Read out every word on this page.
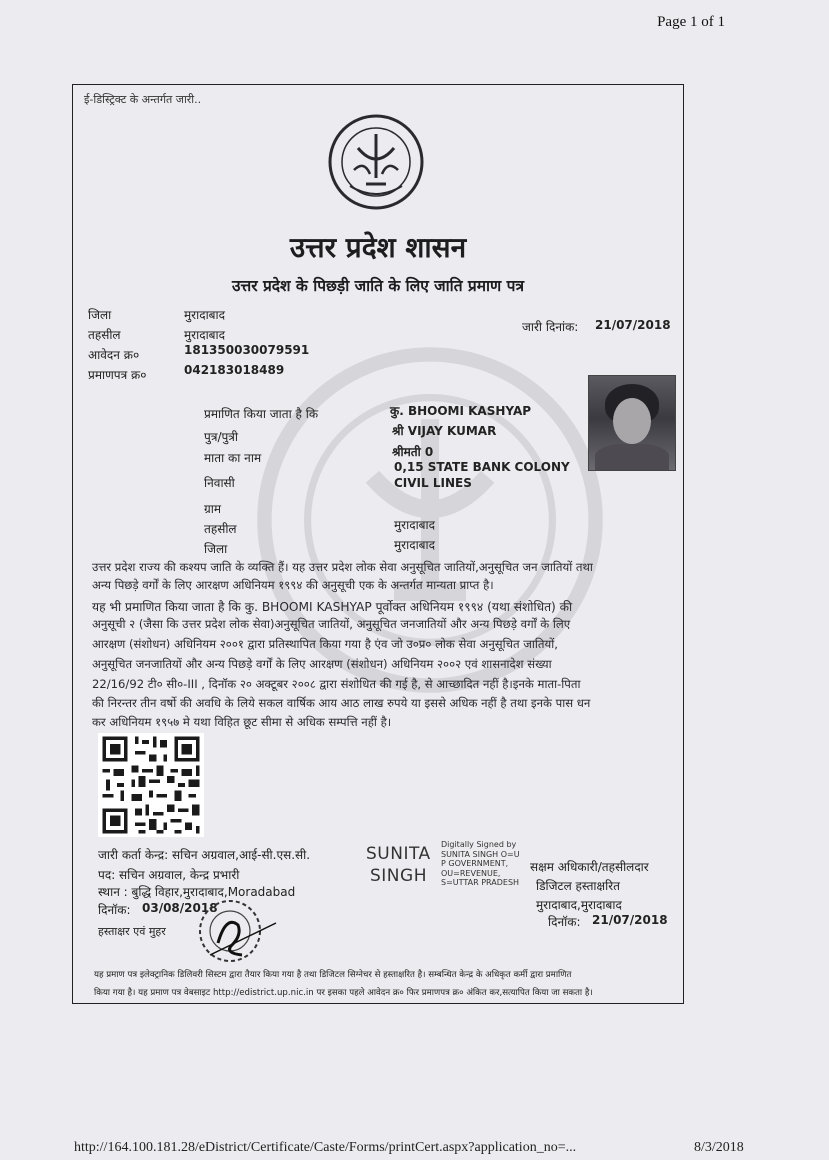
Page 1 of 1
ई-डिस्ट्रिक्ट के अन्तर्गत जारी..
उत्तर प्रदेश शासन
उत्तर प्रदेश के पिछड़ी जाति के लिए जाति प्रमाण पत्र
जिला	मुरादाबाद
तहसील	मुरादाबाद
आवेदन क्र०	181350030079591
प्रमाणपत्र क्र०	042183018489
जारी दिनांक: 21/07/2018
प्रमाणित किया जाता है कि	कु. BHOOMI KASHYAP
पुत्र/पुत्री	श्री VIJAY KUMAR
माता का नाम	श्रीमती 0
निवासी
0,15 STATE BANK COLONY
CIVIL LINES
ग्राम
तहसील	मुरादाबाद
जिला	मुरादाबाद
उत्तर प्रदेश राज्य की कश्यप जाति के व्यक्ति हैं। यह उत्तर प्रदेश लोक सेवा अनुसूचित जातियों,अनुसूचित जन जातियों तथा
अन्य पिछड़े वर्गों के लिए आरक्षण अधिनियम १९९४ की अनुसूची एक के अन्तर्गत मान्यता प्राप्त है।
यह भी प्रमाणित किया जाता है कि कु. BHOOMI KASHYAP पूर्वोक्त अधिनियम १९९४ (यथा संशोधित) की
अनुसूची २ (जैसा कि उत्तर प्रदेश लोक सेवा)अनुसूचित जातियों, अनुसूचित जनजातियों और अन्य पिछड़े वर्गों के लिए
आरक्षण (संशोधन) अधिनियम २००१ द्वारा प्रतिस्थापित किया गया है एंव जो उ०प्र० लोक सेवा अनुसूचित जातियों,
अनुसूचित जनजातियों और अन्य पिछड़े वर्गों के लिए आरक्षण (संशोधन) अधिनियम २००२ एवं शासनादेश संख्या
22/16/92 टी० सी०-III , दिनॉक २० अक्टूबर २००८ द्वारा संशोधित की गई है, से आच्छादित नहीं है।इनके माता-पिता
की निरन्तर तीन वर्षो की अवधि के लिये सकल वार्षिक आय आठ लाख रुपये या इससे अधिक नहीं है तथा इनके पास धन
कर अधिनियम १९५७ मे यथा विहित छूट सीमा से अधिक सम्पत्ति नहीं है।
जारी कर्ता केन्द्र: सचिन अग्रवाल,आई-सी.एस.सी.
पद: सचिन अग्रवाल, केन्द्र प्रभारी
स्थान : बुद्धि विहार,मुरादाबाद,Moradabad
दिनॉक: 03/08/2018
हस्ताक्षर एवं मुहर
SUNITA
SINGH
Digitally Signed by
SUNITA SINGH O=U
P GOVERNMENT,
OU=REVENUE,
S=UTTAR PRADESH
सक्षम अधिकारी/तहसीलदार
डिजिटल हस्ताक्षरित
मुरादाबाद,मुरादाबाद
दिनॉक: 21/07/2018
यह प्रमाण पत्र इलेक्ट्रानिक डिलिवरी सिस्टम द्वारा तैयार किया गया है तथा डिजिटल सिग्नेचर से हस्ताक्षरित है। सम्बन्धित केन्द्र के अधिकृत कर्मी द्वारा प्रमाणित
किया गया है। यह प्रमाण पत्र वेबसाइट http://edistrict.up.nic.in पर इसका पहले आवेदन क्र० फिर प्रमाणपत्र क्र० अंकित कर,सत्यापित किया जा सकता है।
http://164.100.181.28/eDistrict/Certificate/Caste/Forms/printCert.aspx?application_no=...	8/3/2018
